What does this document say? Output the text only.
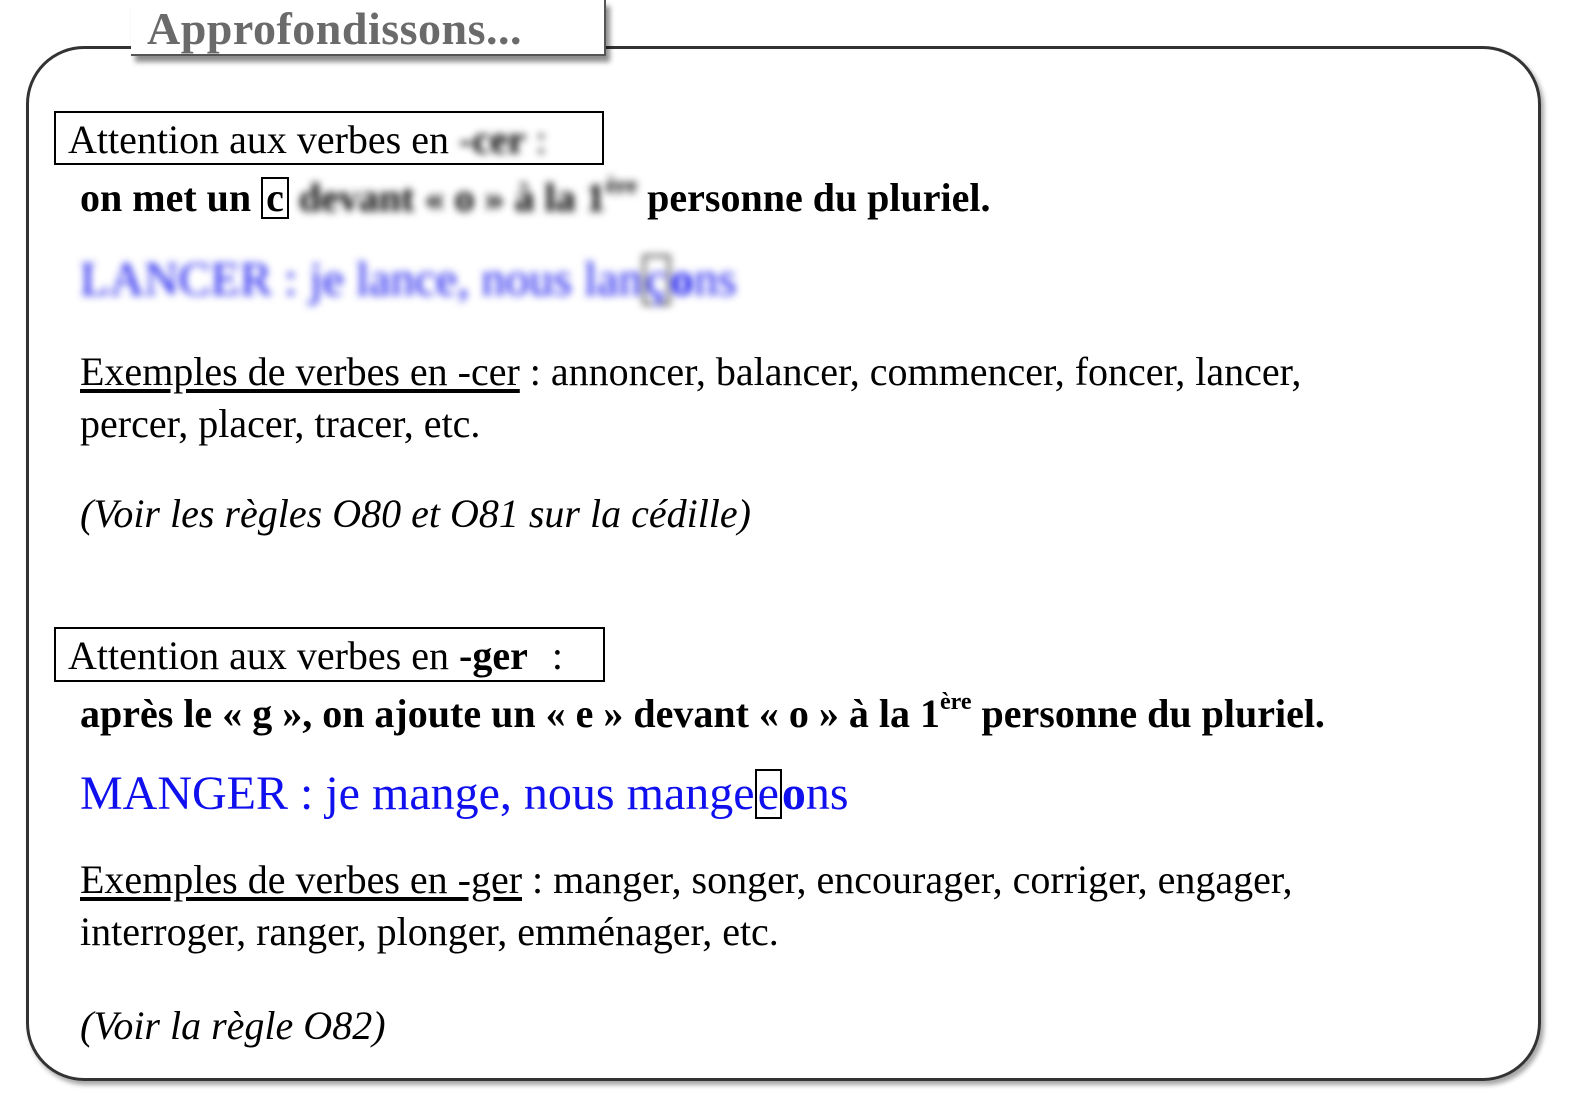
Approfondissons...
Attention aux verbes en -cer :
on met un c devant « o » à la 1ère personne du pluriel.
LANCER : je lance, nous lançons
Exemples de verbes en -cer : annoncer, balancer, commencer, foncer, lancer,
percer, placer, tracer, etc.
(Voir les règles O80 et O81 sur la cédille)
Attention aux verbes en -ger :
après le « g », on ajoute un « e » devant « o » à la 1ère personne du pluriel.
MANGER : je mange, nous mangeeons
Exemples de verbes en -ger : manger, songer, encourager, corriger, engager,
interroger, ranger, plonger, emménager, etc.
(Voir la règle O82)
